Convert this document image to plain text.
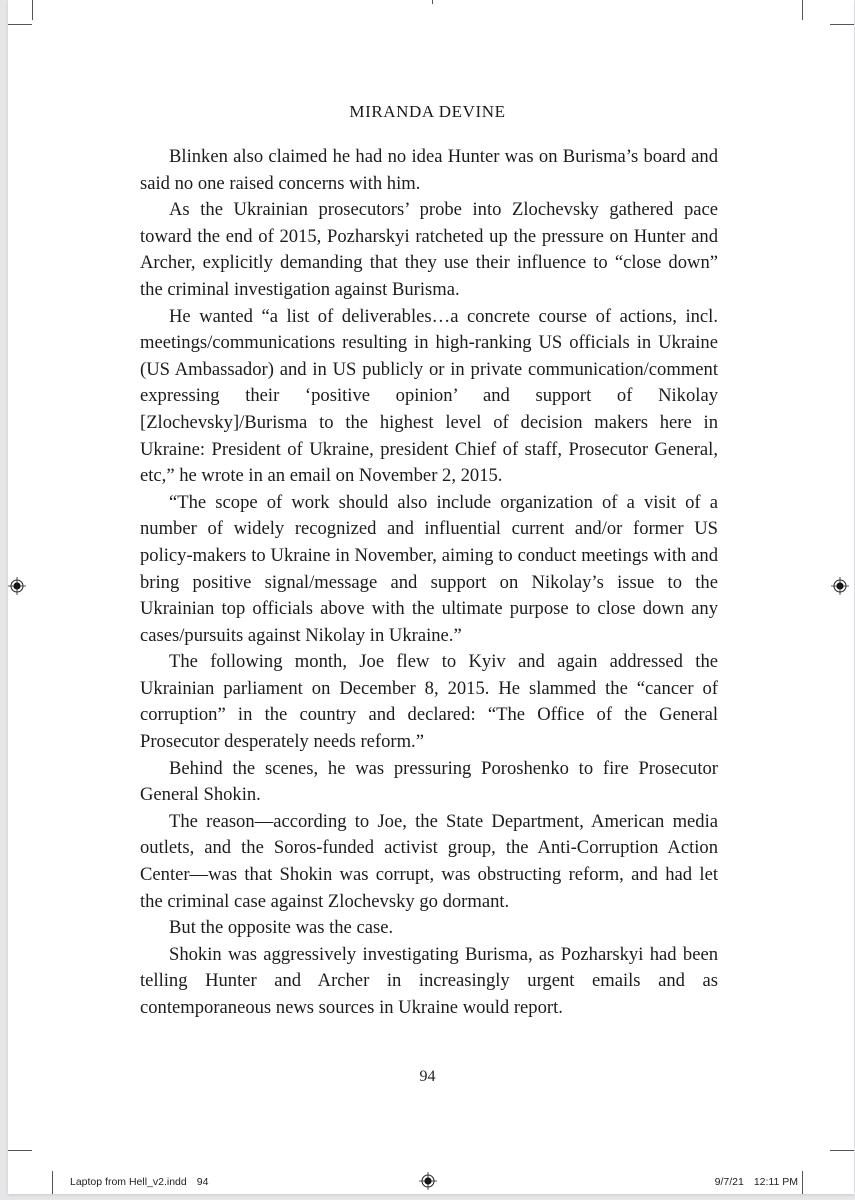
MIRANDA DEVINE

Blinken also claimed he had no idea Hunter was on Burisma’s board and said no one raised concerns with him.

As the Ukrainian prosecutors’ probe into Zlochevsky gathered pace toward the end of 2015, Pozharskyi ratcheted up the pressure on Hunter and Archer, explicitly demanding that they use their influence to “close down” the criminal investigation against Burisma.

He wanted “a list of deliverables…a concrete course of actions, incl. meetings/communications resulting in high-ranking US officials in Ukraine (US Ambassador) and in US publicly or in private communication/comment expressing their ‘positive opinion’ and support of Nikolay [Zlochevsky]/Burisma to the highest level of decision makers here in Ukraine: President of Ukraine, president Chief of staff, Prosecutor General, etc,” he wrote in an email on November 2, 2015.

“The scope of work should also include organization of a visit of a number of widely recognized and influential current and/or former US policy-makers to Ukraine in November, aiming to conduct meetings with and bring positive signal/message and support on Nikolay’s issue to the Ukrainian top officials above with the ultimate purpose to close down any cases/pursuits against Nikolay in Ukraine.”

The following month, Joe flew to Kyiv and again addressed the Ukrainian parliament on December 8, 2015. He slammed the “cancer of corruption” in the country and declared: “The Office of the General Prosecutor desperately needs reform.”

Behind the scenes, he was pressuring Poroshenko to fire Prosecutor General Shokin.

The reason—according to Joe, the State Department, American media outlets, and the Soros-funded activist group, the Anti-Corruption Action Center—was that Shokin was corrupt, was obstructing reform, and had let the criminal case against Zlochevsky go dormant.

But the opposite was the case.

Shokin was aggressively investigating Burisma, as Pozharskyi had been telling Hunter and Archer in increasingly urgent emails and as contemporaneous news sources in Ukraine would report.

94
Laptop from Hell_v2.indd 94	9/7/21 12:11 PM
